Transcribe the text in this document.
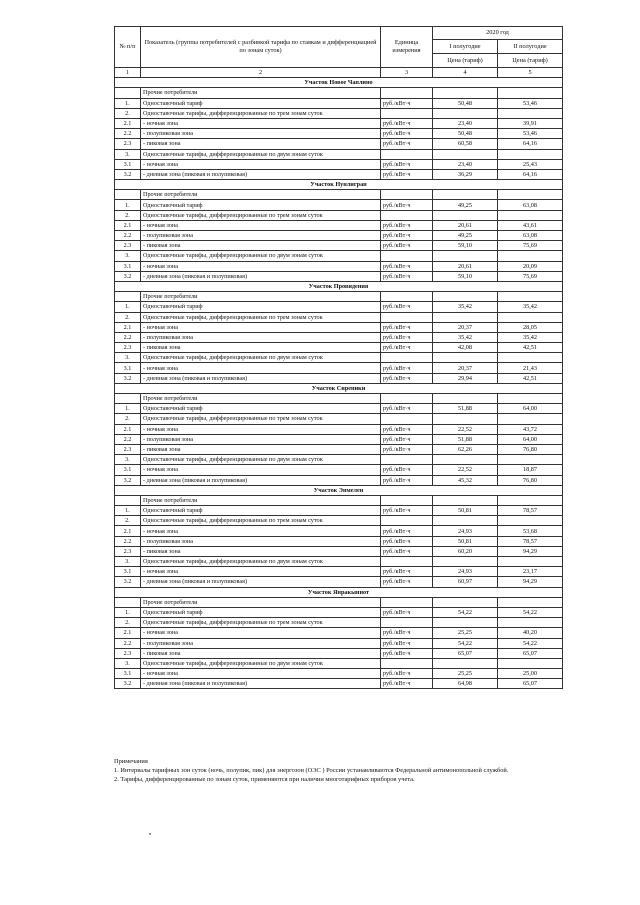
№ п/п	Показатель (группы потребителей с разбивкой тарифа по ставкам и дифференциацией по зонам суток)	Единица измерения	2020 год	
			I полугодие	II полугодие
			Цена (тариф)	Цена (тариф)
1	2	3	4	5
Участок Новое Чаплино				
	Прочие потребители			
1.	Одноставочный тариф	руб./кВт·ч	50,48	53,46
2.	Одноставочные тарифы, дифференцированные по трем зонам суток			
2.1	- ночная зона	руб./кВт·ч	23,40	39,91
2.2	- полупиковая зона	руб./кВт·ч	50,48	53,46
2.3	- пиковая зона	руб./кВт·ч	60,58	64,16
3.	Одноставочные тарифы, дифференцированные по двум зонам суток			
3.1	- ночная зона	руб./кВт·ч	23,40	25,43
3.2	- дневная зона (пиковая и полупиковая)	руб./кВт·ч	36,29	64,16
Участок Нунлигран				
	Прочие потребители			
1.	Одноставочный тариф	руб./кВт·ч	49,25	63,08
2.	Одноставочные тарифы, дифференцированные по трем зонам суток			
2.1	- ночная зона	руб./кВт·ч	20,61	43,61
2.2	- полупиковая зона	руб./кВт·ч	49,25	63,08
2.3	- пиковая зона	руб./кВт·ч	59,10	75,69
3.	Одноставочные тарифы, дифференцированные по двум зонам суток			
3.1	- ночная зона	руб./кВт·ч	20,61	20,09
3.2	- дневная зона (пиковая и полупиковая)	руб./кВт·ч	59,10	75,69
Участок Провидения				
	Прочие потребители			
1.	Одноставочный тариф	руб./кВт·ч	35,42	35,42
2.	Одноставочные тарифы, дифференцированные по трем зонам суток			
2.1	- ночная зона	руб./кВт·ч	20,37	28,05
2.2	- полупиковая зона	руб./кВт·ч	35,42	35,42
2.3	- пиковая зона	руб./кВт·ч	42,08	42,51
3.	Одноставочные тарифы, дифференцированные по двум зонам суток			
3.1	- ночная зона	руб./кВт·ч	20,37	21,43
3.2	- дневная зона (пиковая и полупиковая)	руб./кВт·ч	29,94	42,51
Участок Сиреники				
	Прочие потребители			
1.	Одноставочный тариф	руб./кВт·ч	51,88	64,00
2.	Одноставочные тарифы, дифференцированные по трем зонам суток			
2.1	- ночная зона	руб./кВт·ч	22,52	43,72
2.2	- полупиковая зона	руб./кВт·ч	51,88	64,00
2.3	- пиковая зона	руб./кВт·ч	62,26	76,80
3.	Одноставочные тарифы, дифференцированные по двум зонам суток			
3.1	- ночная зона	руб./кВт·ч	22,52	18,87
3.2	- дневная зона (пиковая и полупиковая)	руб./кВт·ч	45,32	76,80
Участок Энмелен				
	Прочие потребители			
1.	Одноставочный тариф	руб./кВт·ч	50,81	78,57
2.	Одноставочные тарифы, дифференцированные по трем зонам суток			
2.1	- ночная зона	руб./кВт·ч	24,93	53,68
2.2	- полупиковая зона	руб./кВт·ч	50,81	78,57
2.3	- пиковая зона	руб./кВт·ч	60,20	94,29
3.	Одноставочные тарифы, дифференцированные по двум зонам суток			
3.1	- ночная зона	руб./кВт·ч	24,93	23,17
3.2	- дневная зона (пиковая и полупиковая)	руб./кВт·ч	60,97	94,29
Участок Янракыннот				
	Прочие потребители			
1.	Одноставочный тариф	руб./кВт·ч	54,22	54,22
2.	Одноставочные тарифы, дифференцированные по трем зонам суток			
2.1	- ночная зона	руб./кВт·ч	25,25	40,20
2.2	- полупиковая зона	руб./кВт·ч	54,22	54,22
2.3	- пиковая зона	руб./кВт·ч	65,07	65,07
3.	Одноставочные тарифы, дифференцированные по двум зонам суток			
3.1	- ночная зона	руб./кВт·ч	25,25	25,00
3.2	- дневная зона (пиковая и полупиковая)	руб./кВт·ч	64,98	65,07

Примечания

1. Интервалы тарифных зон суток (ночь, полупик, пик) для энергозон (ОЭС ) России устанавливаются Федеральной антимонопольной службой.

2. Тарифы, дифференцированные по зонам суток, применяются при наличии многотарифных приборов учета.
